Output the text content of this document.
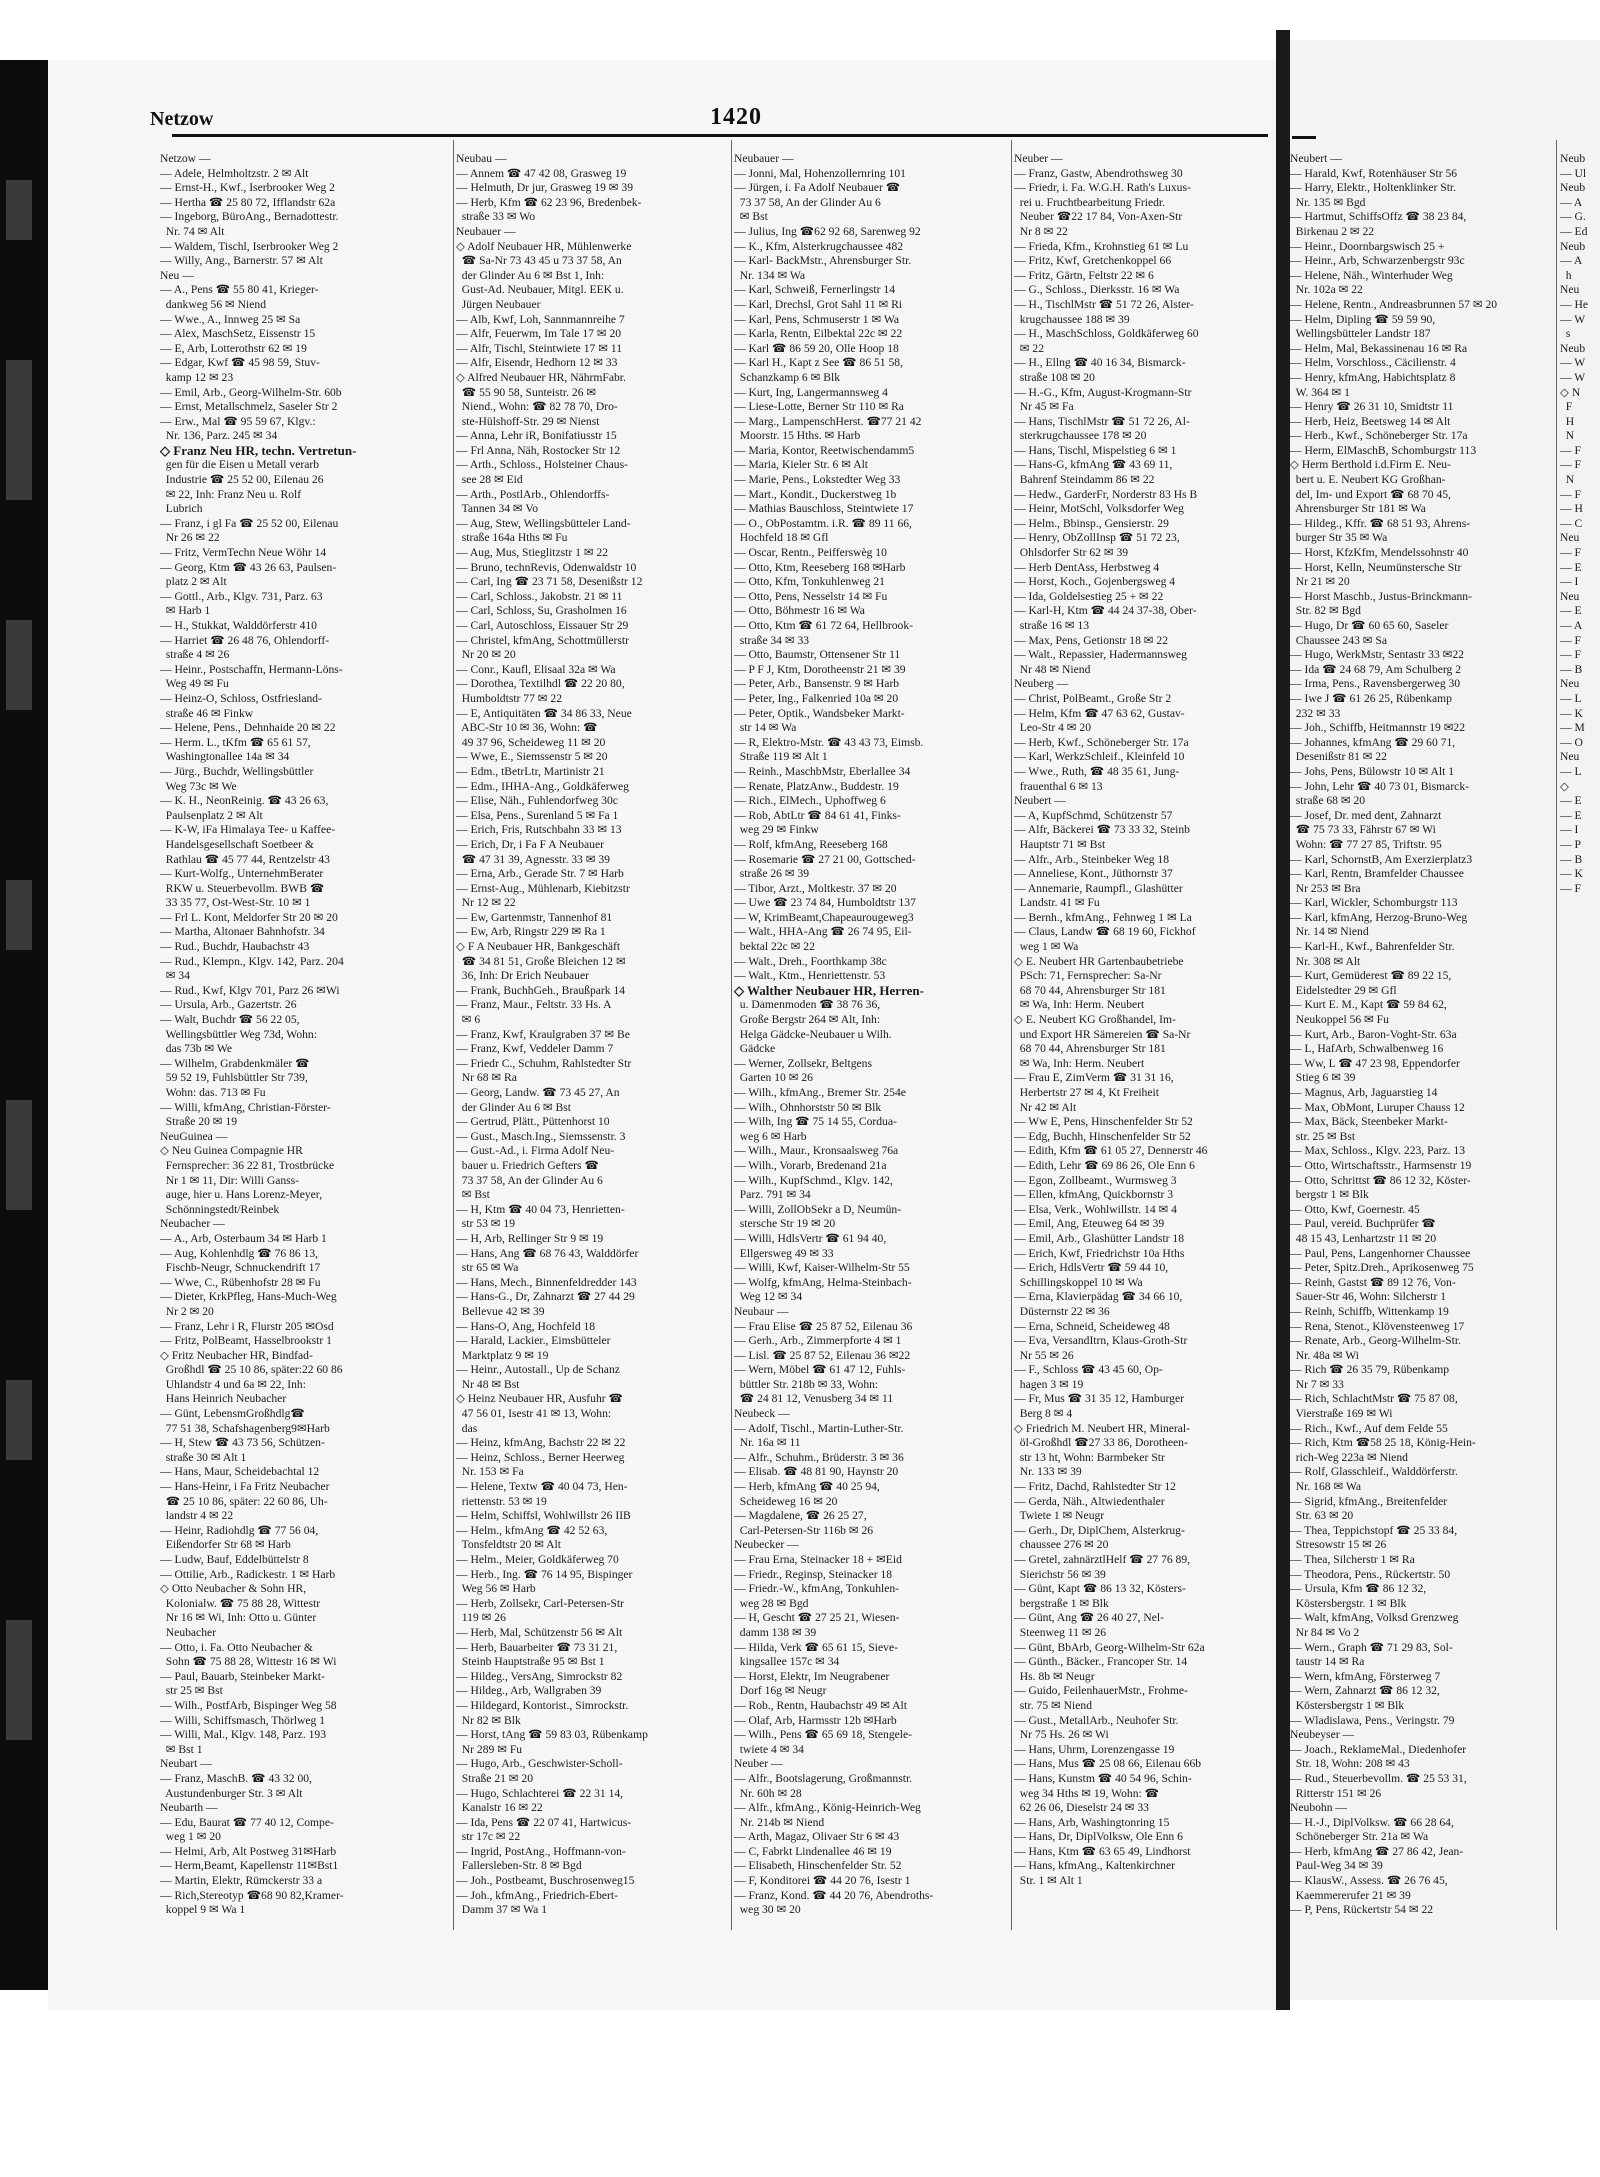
Netzow	1420
Netzow —
— Adele, Helmholtzstr. 2 ✉ Alt
— Ernst-H., Kwf., Iserbrooker Weg 2
— Hertha ☎ 25 80 72, Ifflandstr 62a
— Ingeborg, BüroAng., Bernadottestr.
Nr. 74 ✉ Alt
— Waldem, Tischl, Iserbrooker Weg 2
— Willy, Ang., Barnerstr. 57 ✉ Alt
Neu —
— A., Pens ☎ 55 80 41, Krieger-
dankweg 56 ✉ Niend
— Wwe., A., Innweg 25 ✉ Sa
— Alex, MaschSetz, Eissenstr 15
— E, Arb, Lotterothstr 62 ✉ 19
— Edgar, Kwf ☎ 45 98 59, Stuv-
kamp 12 ✉ 23
— Emil, Arb., Georg-Wilhelm-Str. 60b
— Ernst, Metallschmelz, Saseler Str 2
— Erw., Mal ☎ 95 59 67, Klgv.:
Nr. 136, Parz. 245 ✉ 34
◇ Franz Neu HR, techn. Vertretun-
gen für die Eisen u Metall verarb
Industrie ☎ 25 52 00, Eilenau 26
✉ 22, Inh: Franz Neu u. Rolf
Lubrich
— Franz, i gl Fa ☎ 25 52 00, Eilenau
Nr 26 ✉ 22
— Fritz, VermTechn Neue Wöhr 14
— Georg, Ktm ☎ 43 26 63, Paulsen-
platz 2 ✉ Alt
— Gottl., Arb., Klgv. 731, Parz. 63
✉ Harb 1
— H., Stukkat, Walddörferstr 410
— Harriet ☎ 26 48 76, Ohlendorff-
straße 4 ✉ 26
— Heinr., Postschaffn, Hermann-Löns-
Weg 49 ✉ Fu
— Heinz-O, Schloss, Ostfriesland-
straße 46 ✉ Finkw
— Helene, Pens., Dehnhaide 20 ✉ 22
— Herm. L., tKfm ☎ 65 61 57,
Washingtonallee 14a ✉ 34
— Jürg., Buchdr, Wellingsbüttler
Weg 73c ✉ We
— K. H., NeonReinig. ☎ 43 26 63,
Paulsenplatz 2 ✉ Alt
— K-W, iFa Himalaya Tee- u Kaffee-
Handelsgesellschaft Soetbeer &
Rathlau ☎ 45 77 44, Rentzelstr 43
— Kurt-Wolfg., UnternehmBerater
RKW u. Steuerbevollm. BWB ☎
33 35 77, Ost-West-Str. 10 ✉ 1
— Frl L. Kont, Meldorfer Str 20 ✉ 20
— Martha, Altonaer Bahnhofstr. 34
— Rud., Buchdr, Haubachstr 43
— Rud., Klempn., Klgv. 142, Parz. 204
✉ 34
— Rud., Kwf, Klgv 701, Parz 26 ✉Wi
— Ursula, Arb., Gazertstr. 26
— Walt, Buchdr ☎ 56 22 05,
Wellingsbüttler Weg 73d, Wohn:
das 73b ✉ We
— Wilhelm, Grabdenkmäler ☎
59 52 19, Fuhlsbüttler Str 739,
Wohn: das. 713 ✉ Fu
— Willi, kfmAng, Christian-Förster-
Straße 20 ✉ 19
NeuGuinea —
◇ Neu Guinea Compagnie HR
Fernsprecher: 36 22 81, Trostbrücke
Nr 1 ✉ 11, Dir: Willi Ganss-
auge, hier u. Hans Lorenz-Meyer,
Schönningstedt/Reinbek
Neubacher —
— A., Arb, Osterbaum 34 ✉ Harb 1
— Aug, Kohlenhdlg ☎ 76 86 13,
Fischb-Neugr, Schnuckendrift 17
— Wwe, C., Rübenhofstr 28 ✉ Fu
— Dieter, KrkPfleg, Hans-Much-Weg
Nr 2 ✉ 20
— Franz, Lehr i R, Flurstr 205 ✉Osd
— Fritz, PolBeamt, Hasselbrookstr 1
◇ Fritz Neubacher HR, Bindfad-
Großhdl ☎ 25 10 86, später:22 60 86
Uhlandstr 4 und 6a ✉ 22, Inh:
Hans Heinrich Neubacher
— Günt, LebensmGroßhdlg☎
77 51 38, Schafshagenberg9✉Harb
— H, Stew ☎ 43 73 56, Schützen-
straße 30 ✉ Alt 1
— Hans, Maur, Scheidebachtal 12
— Hans-Heinr, i Fa Fritz Neubacher
☎ 25 10 86, später: 22 60 86, Uh-
landstr 4 ✉ 22
— Heinr, Radiohdlg ☎ 77 56 04,
Eißendorfer Str 68 ✉ Harb
— Ludw, Bauf, Eddelbüttelstr 8
— Ottilie, Arb., Radickestr. 1 ✉ Harb
◇ Otto Neubacher & Sohn HR,
Kolonialw. ☎ 75 88 28, Wittestr
Nr 16 ✉ Wi, Inh: Otto u. Günter
Neubacher
— Otto, i. Fa. Otto Neubacher &
Sohn ☎ 75 88 28, Wittestr 16 ✉ Wi
— Paul, Bauarb, Steinbeker Markt-
str 25 ✉ Bst
— Wilh., PostfArb, Bispinger Weg 58
— Willi, Schiffsmasch, Thörlweg 1
— Willi, Mal., Klgv. 148, Parz. 193
✉ Bst 1
Neubart —
— Franz, MaschB. ☎ 43 32 00,
Austundenburger Str. 3 ✉ Alt
Neubarth —
— Edu, Baurat ☎ 77 40 12, Compe-
weg 1 ✉ 20
— Helmi, Arb, Alt Postweg 31✉Harb
— Herm,Beamt, Kapellenstr 11✉Bst1
— Martin, Elektr, Rümckerstr 33 a
— Rich,Stereotyp ☎68 90 82,Kramer-
koppel 9 ✉ Wa 1
Neubau —
— Annem ☎ 47 42 08, Grasweg 19
— Helmuth, Dr jur, Grasweg 19 ✉ 39
— Herb, Kfm ☎ 62 23 96, Bredenbek-
straße 33 ✉ Wo
Neubauer —
◇ Adolf Neubauer HR, Mühlenwerke
☎ Sa-Nr 73 43 45 u 73 37 58, An
der Glinder Au 6 ✉ Bst 1, Inh:
Gust-Ad. Neubauer, Mitgl. EEK u.
Jürgen Neubauer
— Alb, Kwf, Loh, Sannmannreihe 7
— Alfr, Feuerwm, Im Tale 17 ✉ 20
— Alfr, Tischl, Steintwiete 17 ✉ 11
— Alfr, Eisendr, Hedhorn 12 ✉ 33
◇ Alfred Neubauer HR, NährmFabr.
☎ 55 90 58, Sunteistr. 26 ✉
Niend., Wohn: ☎ 82 78 70, Dro-
ste-Hülshoff-Str. 29 ✉ Nienst
— Anna, Lehr iR, Bonifatiusstr 15
— Frl Anna, Näh, Rostocker Str 12
— Arth., Schloss., Holsteiner Chaus-
see 28 ✉ Eid
— Arth., PostlArb., Ohlendorffs-
Tannen 34 ✉ Vo
— Aug, Stew, Wellingsbütteler Land-
straße 164a Hths ✉ Fu
— Aug, Mus, Stieglitzstr 1 ✉ 22
— Bruno, technRevis, Odenwaldstr 10
— Carl, Ing ☎ 23 71 58, Desenißstr 12
— Carl, Schloss., Jakobstr. 21 ✉ 11
— Carl, Schloss, Su, Grasholmen 16
— Carl, Autoschloss, Eissauer Str 29
— Christel, kfmAng, Schottmüllerstr
Nr 20 ✉ 20
— Conr., Kaufl, Elisaal 32a ✉ Wa
— Dorothea, Textilhdl ☎ 22 20 80,
Humboldtstr 77 ✉ 22
— E, Antiquitäten ☎ 34 86 33, Neue
ABC-Str 10 ✉ 36, Wohn: ☎
49 37 96, Scheideweg 11 ✉ 20
— Wwe, E., Siemssenstr 5 ✉ 20
— Edm., tBetrLtr, Martinistr 21
— Edm., IHHA-Ang., Goldkäferweg
— Elise, Näh., Fuhlendorfweg 30c
— Elsa, Pens., Surenland 5 ✉ Fa 1
— Erich, Fris, Rutschbahn 33 ✉ 13
— Erich, Dr, i Fa F A Neubauer
☎ 47 31 39, Agnesstr. 33 ✉ 39
— Erna, Arb., Gerade Str. 7 ✉ Harb
— Ernst-Aug., Mühlenarb, Kiebitzstr
Nr 12 ✉ 22
— Ew, Gartenmstr, Tannenhof 81
— Ew, Arb, Ringstr 229 ✉ Ra 1
◇ F A Neubauer HR, Bankgeschäft
☎ 34 81 51, Große Bleichen 12 ✉
36, Inh: Dr Erich Neubauer
— Frank, BuchhGeh., Braußpark 14
— Franz, Maur., Feltstr. 33 Hs. A
✉ 6
— Franz, Kwf, Kraulgraben 37 ✉ Be
— Franz, Kwf, Veddeler Damm 7
— Friedr C., Schuhm, Rahlstedter Str
Nr 68 ✉ Ra
— Georg, Landw. ☎ 73 45 27, An
der Glinder Au 6 ✉ Bst
— Gertrud, Plätt., Püttenhorst 10
— Gust., Masch.Ing., Siemssenstr. 3
— Gust.-Ad., i. Firma Adolf Neu-
bauer u. Friedrich Gefters ☎
73 37 58, An der Glinder Au 6
✉ Bst
— H, Ktm ☎ 40 04 73, Henrietten-
str 53 ✉ 19
— H, Arb, Rellinger Str 9 ✉ 19
— Hans, Ang ☎ 68 76 43, Walddörfer
str 65 ✉ Wa
— Hans, Mech., Binnenfeldredder 143
— Hans-G., Dr, Zahnarzt ☎ 27 44 29
Bellevue 42 ✉ 39
— Hans-O, Ang, Hochfeld 18
— Harald, Lackier., Eimsbütteler
Marktplatz 9 ✉ 19
— Heinr., Autostall., Up de Schanz
Nr 48 ✉ Bst
◇ Heinz Neubauer HR, Ausfuhr ☎
47 56 01, Isestr 41 ✉ 13, Wohn:
das
— Heinz, kfmAng, Bachstr 22 ✉ 22
— Heinz, Schloss., Berner Heerweg
Nr. 153 ✉ Fa
— Helene, Textw ☎ 40 04 73, Hen-
riettenstr. 53 ✉ 19
— Helm, Schiffsl, Wohlwillstr 26 IIB
— Helm., kfmAng ☎ 42 52 63,
Tonsfeldtstr 20 ✉ Alt
— Helm., Meier, Goldkäferweg 70
— Herb., Ing. ☎ 76 14 95, Bispinger
Weg 56 ✉ Harb
— Herb, Zollsekr, Carl-Petersen-Str
119 ✉ 26
— Herb, Mal, Schützenstr 56 ✉ Alt
— Herb, Bauarbeiter ☎ 73 31 21,
Steinb Hauptstraße 95 ✉ Bst 1
— Hildeg., VersAng, Simrockstr 82
— Hildeg., Arb, Wallgraben 39
— Hildegard, Kontorist., Simrockstr.
Nr 82 ✉ Blk
— Horst, tAng ☎ 59 83 03, Rübenkamp
Nr 289 ✉ Fu
— Hugo, Arb., Geschwister-Scholl-
Straße 21 ✉ 20
— Hugo, Schlachterei ☎ 22 31 14,
Kanalstr 16 ✉ 22
— Ida, Pens ☎ 22 07 41, Hartwicus-
str 17c ✉ 22
— Ingrid, PostAng., Hoffmann-von-
Fallersleben-Str. 8 ✉ Bgd
— Joh., Postbeamt, Buschrosenweg15
— Joh., kfmAng., Friedrich-Ebert-
Damm 37 ✉ Wa 1
Neubauer —
— Jonni, Mal, Hohenzollernring 101
— Jürgen, i. Fa Adolf Neubauer ☎
73 37 58, An der Glinder Au 6
✉ Bst
— Julius, Ing ☎62 92 68, Sarenweg 92
— K., Kfm, Alsterkrugchaussee 482
— Karl- BackMstr., Ahrensburger Str.
Nr. 134 ✉ Wa
— Karl, Schweiß, Fernerlingstr 14
— Karl, Drechsl, Grot Sahl 11 ✉ Ri
— Karl, Pens, Schmuserstr 1 ✉ Wa
— Karla, Rentn, Eilbektal 22c ✉ 22
— Karl ☎ 86 59 20, Olle Hoop 18
— Karl H., Kapt z See ☎ 86 51 58,
Schanzkamp 6 ✉ Blk
— Kurt, Ing, Langermannsweg 4
— Liese-Lotte, Berner Str 110 ✉ Ra
— Marg., LampenschHerst. ☎77 21 42
Moorstr. 15 Hths. ✉ Harb
— Maria, Kontor, Reetwischendamm5
— Maria, Kieler Str. 6 ✉ Alt
— Marie, Pens., Lokstedter Weg 33
— Mart., Kondit., Duckerstweg 1b
— Mathias Bauschloss, Steintwiete 17
— O., ObPostamtm. i.R. ☎ 89 11 66,
Hochfeld 18 ✉ Gfl
— Oscar, Rentn., Peifferswèg 10
— Otto, Ktm, Reeseberg 168 ✉Harb
— Otto, Kfm, Tonkuhlenweg 21
— Otto, Pens, Nesselstr 14 ✉ Fu
— Otto, Böhmestr 16 ✉ Wa
— Otto, Ktm ☎ 61 72 64, Hellbrook-
straße 34 ✉ 33
— Otto, Baumstr, Ottensener Str 11
— P F J, Ktm, Dorotheenstr 21 ✉ 39
— Peter, Arb., Bansenstr. 9 ✉ Harb
— Peter, Ing., Falkenried 10a ✉ 20
— Peter, Optik., Wandsbeker Markt-
str 14 ✉ Wa
— R, Elektro-Mstr. ☎ 43 43 73, Eimsb.
Straße 119 ✉ Alt 1
— Reinh., MaschbMstr, Eberlallee 34
— Renate, PlatzAnw., Buddestr. 19
— Rich., ElMech., Uphoffweg 6
— Rob, AbtLtr ☎ 84 61 41, Finks-
weg 29 ✉ Finkw
— Rolf, kfmAng, Reeseberg 168
— Rosemarie ☎ 27 21 00, Gottsched-
straße 26 ✉ 39
— Tibor, Arzt., Moltkestr. 37 ✉ 20
— Uwe ☎ 23 74 84, Humboldtstr 137
— W, KrimBeamt,Chapeaurougeweg3
— Walt., HHA-Ang ☎ 26 74 95, Eil-
bektal 22c ✉ 22
— Walt., Dreh., Foorthkamp 38c
— Walt., Ktm., Henriettenstr. 53
◇ Walther Neubauer HR, Herren-
u. Damenmoden ☎ 38 76 36,
Große Bergstr 264 ✉ Alt, Inh:
Helga Gädcke-Neubauer u Wilh.
Gädcke
— Werner, Zollsekr, Beltgens
Garten 10 ✉ 26
— Wilh., kfmAng., Bremer Str. 254e
— Wilh., Ohnhorststr 50 ✉ Blk
— Wilh, Ing ☎ 75 14 55, Cordua-
weg 6 ✉ Harb
— Wilh., Maur., Kronsaalsweg 76a
— Wilh., Vorarb, Bredenand 21a
— Wilh., KupfSchmd., Klgv. 142,
Parz. 791 ✉ 34
— Willi, ZollObSekr a D, Neumün-
stersche Str 19 ✉ 20
— Willi, HdlsVertr ☎ 61 94 40,
Ellgersweg 49 ✉ 33
— Willi, Kwf, Kaiser-Wilhelm-Str 55
— Wolfg, kfmAng, Helma-Steinbach-
Weg 12 ✉ 34
Neubaur —
— Frau Elise ☎ 25 87 52, Eilenau 36
— Gerh., Arb., Zimmerpforte 4 ✉ 1
— Lisl. ☎ 25 87 52, Eilenau 36 ✉22
— Wern, Möbel ☎ 61 47 12, Fuhls-
büttler Str. 218b ✉ 33, Wohn:
☎ 24 81 12, Venusberg 34 ✉ 11
Neubeck —
— Adolf, Tischl., Martin-Luther-Str.
Nr. 16a ✉ 11
— Alfr., Schuhm., Brüderstr. 3 ✉ 36
— Elisab. ☎ 48 81 90, Haynstr 20
— Herb, kfmAng ☎ 40 25 94,
Scheideweg 16 ✉ 20
— Magdalene, ☎ 26 25 27,
Carl-Petersen-Str 116b ✉ 26
Neubecker —
— Frau Erna, Steinacker 18 + ✉Eid
— Friedr., Reginsp, Steinacker 18
— Friedr.-W., kfmAng, Tonkuhlen-
weg 28 ✉ Bgd
— H, Gescht ☎ 27 25 21, Wiesen-
damm 138 ✉ 39
— Hilda, Verk ☎ 65 61 15, Sieve-
kingsallee 157c ✉ 34
— Horst, Elektr, Im Neugrabener
Dorf 16g ✉ Neugr
— Rob., Rentn, Haubachstr 49 ✉ Alt
— Olaf, Arb, Harmsstr 12b ✉Harb
— Wilh., Pens ☎ 65 69 18, Stengele-
twiete 4 ✉ 34
Neuber —
— Alfr., Bootslagerung, Großmannstr.
Nr. 60h ✉ 28
— Alfr., kfmAng., König-Heinrich-Weg
Nr. 214b ✉ Niend
— Arth, Magaz, Olivaer Str 6 ✉ 43
— C, Fabrkt Lindenallee 46 ✉ 19
— Elisabeth, Hinschenfelder Str. 52
— F, Konditorei ☎ 44 20 76, Isestr 1
— Franz, Kond. ☎ 44 20 76, Abendroths-
weg 30 ✉ 20
Neuber —
— Franz, Gastw, Abendrothsweg 30
— Friedr, i. Fa. W.G.H. Rath's Luxus-
rei u. Fruchtbearbeitung Friedr.
Neuber ☎22 17 84, Von-Axen-Str
Nr 8 ✉ 22
— Frieda, Kfm., Krohnstieg 61 ✉ Lu
— Fritz, Kwf, Gretchenkoppel 66
— Fritz, Gärtn, Feltstr 22 ✉ 6
— G., Schloss., Dierksstr. 16 ✉ Wa
— H., TischlMstr ☎ 51 72 26, Alster-
krugchaussee 188 ✉ 39
— H., MaschSchloss, Goldkäferweg 60
✉ 22
— H., Ellng ☎ 40 16 34, Bismarck-
straße 108 ✉ 20
— H.-G., Kfm, August-Krogmann-Str
Nr 45 ✉ Fa
— Hans, TischlMstr ☎ 51 72 26, Al-
sterkrugchaussee 178 ✉ 20
— Hans, Tischl, Mispelstieg 6 ✉ 1
— Hans-G, kfmAng ☎ 43 69 11,
Bahrenf Steindamm 86 ✉ 22
— Hedw., GarderFr, Norderstr 83 Hs B
— Heinr, MotSchl, Volksdorfer Weg
— Helm., Bbinsp., Gensierstr. 29
— Henry, ObZollInsp ☎ 51 72 23,
Ohlsdorfer Str 62 ✉ 39
— Herb DentAss, Herbstweg 4
— Horst, Koch., Gojenbergsweg 4
— Ida, Goldelsestieg 25 + ✉ 22
— Karl-H, Ktm ☎ 44 24 37-38, Ober-
straße 16 ✉ 13
— Max, Pens, Getionstr 18 ✉ 22
— Walt., Repassier, Hadermannsweg
Nr 48 ✉ Niend
Neuberg —
— Christ, PolBeamt., Große Str 2
— Helm, Kfm ☎ 47 63 62, Gustav-
Leo-Str 4 ✉ 20
— Herb, Kwf., Schöneberger Str. 17a
— Karl, WerkzSchleif., Kleinfeld 10
— Wwe., Ruth, ☎ 48 35 61, Jung-
frauenthal 6 ✉ 13
Neubert —
— A, KupfSchmd, Schützenstr 57
— Alfr, Bäckerei ☎ 73 33 32, Steinb
Hauptstr 71 ✉ Bst
— Alfr., Arb., Steinbeker Weg 18
— Anneliese, Kont., Jüthornstr 37
— Annemarie, Raumpfl., Glashütter
Landstr. 41 ✉ Fu
— Bernh., kfmAng., Fehnweg 1 ✉ La
— Claus, Landw ☎ 68 19 60, Fickhof
weg 1 ✉ Wa
◇ E. Neubert HR Gartenbaubetriebe
PSch: 71, Fernsprecher: Sa-Nr
68 70 44, Ahrensburger Str 181
✉ Wa, Inh: Herm. Neubert
◇ E. Neubert KG Großhandel, Im-
und Export HR Sämereien ☎ Sa-Nr
68 70 44, Ahrensburger Str 181
✉ Wa, Inh: Herm. Neubert
— Frau E, ZimVerm ☎ 31 31 16,
Herbertstr 27 ✉ 4, Kt Freiheit
Nr 42 ✉ Alt
— Ww E, Pens, Hinschenfelder Str 52
— Edg, Buchh, Hinschenfelder Str 52
— Edith, Kfm ☎ 61 05 27, Dennerstr 46
— Edith, Lehr ☎ 69 86 26, Ole Enn 6
— Egon, Zollbeamt., Wurmsweg 3
— Ellen, kfmAng, Quickbornstr 3
— Elsa, Verk., Wohlwillstr. 14 ✉ 4
— Emil, Ang, Eteuweg 64 ✉ 39
— Emil, Arb., Glashütter Landstr 18
— Erich, Kwf, Friedrichstr 10a Hths
— Erich, HdlsVertr ☎ 59 44 10,
Schillingskoppel 10 ✉ Wa
— Erna, Klavierpädag ☎ 34 66 10,
Düsternstr 22 ✉ 36
— Erna, Schneid, Scheideweg 48
— Eva, VersandItrn, Klaus-Groth-Str
Nr 55 ✉ 26
— F., Schloss ☎ 43 45 60, Op-
hagen 3 ✉ 19
— Fr, Mus ☎ 31 35 12, Hamburger
Berg 8 ✉ 4
◇ Friedrich M. Neubert HR, Mineral-
öl-Großhdl ☎27 33 86, Dorotheen-
str 13 ht, Wohn: Barmbeker Str
Nr. 133 ✉ 39
— Fritz, Dachd, Rahlstedter Str 12
— Gerda, Näh., Altwiedenthaler
Twiete 1 ✉ Neugr
— Gerh., Dr, DiplChem, Alsterkrug-
chaussee 276 ✉ 20
— Gretel, zahnärztlHelf ☎ 27 76 89,
Sierichstr 56 ✉ 39
— Günt, Kapt ☎ 86 13 32, Kösters-
bergstraße 1 ✉ Blk
— Günt, Ang ☎ 26 40 27, Nel-
Steenweg 11 ✉ 26
— Günt, BbArb, Georg-Wilhelm-Str 62a
— Günth., Bäcker., Francoper Str. 14
Hs. 8b ✉ Neugr
— Guido, FeilenhauerMstr., Frohme-
str. 75 ✉ Niend
— Gust., MetallArb., Neuhofer Str.
Nr 75 Hs. 26 ✉ Wi
— Hans, Uhrm, Lorenzengasse 19
— Hans, Mus ☎ 25 08 66, Eilenau 66b
— Hans, Kunstm ☎ 40 54 96, Schin-
weg 34 Hths ✉ 19, Wohn: ☎
62 26 06, Dieselstr 24 ✉ 33
— Hans, Arb, Washingtonring 15
— Hans, Dr, DiplVolksw, Ole Enn 6
— Hans, Ktm ☎ 63 65 49, Lindhorst
— Hans, kfmAng., Kaltenkirchner
Str. 1 ✉ Alt 1
Neubert —
— Harald, Kwf, Rotenhäuser Str 56
— Harry, Elektr., Holtenklinker Str.
Nr. 135 ✉ Bgd
— Hartmut, SchiffsOffz ☎ 38 23 84,
Birkenau 2 ✉ 22
— Heinr., Doornbargswisch 25 +
— Heinr., Arb, Schwarzenbergstr 93c
— Helene, Näh., Winterhuder Weg
Nr. 102a ✉ 22
— Helene, Rentn., Andreasbrunnen 57 ✉ 20
— Helm, Dipling ☎ 59 59 90,
Wellingsbütteler Landstr 187
— Helm, Mal, Bekassinenau 16 ✉ Ra
— Helm, Vorschloss., Cäcilienstr. 4
— Henry, kfmAng, Habichtsplatz 8
W. 364 ✉ 1
— Henry ☎ 26 31 10, Smidtstr 11
— Herb, Heiz, Beetsweg 14 ✉ Alt
— Herb., Kwf., Schöneberger Str. 17a
— Herm, ElMaschB, Schomburgstr 113
◇ Herm Berthold i.d.Firm E. Neu-
bert u. E. Neubert KG Großhan-
del, Im- und Export ☎ 68 70 45,
Ahrensburger Str 181 ✉ Wa
— Hildeg., Kffr. ☎ 68 51 93, Ahrens-
burger Str 35 ✉ Wa
— Horst, KfzKfm, Mendelssohnstr 40
— Horst, Kelln, Neumünstersche Str
Nr 21 ✉ 20
— Horst Maschb., Justus-Brinckmann-
Str. 82 ✉ Bgd
— Hugo, Dr ☎ 60 65 60, Saseler
Chaussee 243 ✉ Sa
— Hugo, WerkMstr, Sentastr 33 ✉22
— Ida ☎ 24 68 79, Am Schulberg 2
— Irma, Pens., Ravensbergerweg 30
— Iwe J ☎ 61 26 25, Rübenkamp
232 ✉ 33
— Joh., Schiffb, Heitmannstr 19 ✉22
— Johannes, kfmAng ☎ 29 60 71,
Desenißstr 81 ✉ 22
— Johs, Pens, Bülowstr 10 ✉ Alt 1
— John, Lehr ☎ 40 73 01, Bismarck-
straße 68 ✉ 20
— Josef, Dr. med dent, Zahnarzt
☎ 75 73 33, Fährstr 67 ✉ Wi
Wohn: ☎ 77 27 85, Triftstr. 95
— Karl, SchornstB, Am Exerzierplatz3
— Karl, Rentn, Bramfelder Chaussee
Nr 253 ✉ Bra
— Karl, Wickler, Schomburgstr 113
— Karl, kfmAng, Herzog-Bruno-Weg
Nr. 14 ✉ Niend
— Karl-H., Kwf., Bahrenfelder Str.
Nr. 308 ✉ Alt
— Kurt, Gemüderest ☎ 89 22 15,
Eidelstedter 29 ✉ Gfl
— Kurt E. M., Kapt ☎ 59 84 62,
Neukoppel 56 ✉ Fu
— Kurt, Arb., Baron-Voght-Str. 63a
— L, HafArb, Schwalbenweg 16
— Ww, L ☎ 47 23 98, Eppendorfer
Stieg 6 ✉ 39
— Magnus, Arb, Jaguarstieg 14
— Max, ObMont, Luruper Chauss 12
— Max, Bäck, Steenbeker Markt-
str. 25 ✉ Bst
— Max, Schloss., Klgv. 223, Parz. 13
— Otto, Wirtschaftsstr., Harmsenstr 19
— Otto, Schrittst ☎ 86 12 32, Köster-
bergstr 1 ✉ Blk
— Otto, Kwf, Goernestr. 45
— Paul, vereid. Buchprüfer ☎
48 15 43, Lenhartzstr 11 ✉ 20
— Paul, Pens, Langenhorner Chaussee
— Peter, Spitz.Dreh., Aprikosenweg 75
— Reinh, Gastst ☎ 89 12 76, Von-
Sauer-Str 46, Wohn: Silcherstr 1
— Reinh, Schiffb, Wittenkamp 19
— Rena, Stenot., Klövensteenweg 17
— Renate, Arb., Georg-Wilhelm-Str.
Nr. 48a ✉ Wi
— Rich ☎ 26 35 79, Rübenkamp
Nr 7 ✉ 33
— Rich, SchlachtMstr ☎ 75 87 08,
Vierstraße 169 ✉ Wi
— Rich., Kwf., Auf dem Felde 55
— Rich, Ktm ☎58 25 18, König-Hein-
rich-Weg 223a ✉ Niend
— Rolf, Glasschleif., Walddörferstr.
Nr. 168 ✉ Wa
— Sigrid, kfmAng., Breitenfelder
Str. 63 ✉ 20
— Thea, Teppichstopf ☎ 25 33 84,
Stresowstr 15 ✉ 26
— Thea, Silcherstr 1 ✉ Ra
— Theodora, Pens., Rückertstr. 50
— Ursula, Kfm ☎ 86 12 32,
Köstersbergstr. 1 ✉ Blk
— Walt, kfmAng, Volksd Grenzweg
Nr 84 ✉ Vo 2
— Wern., Graph ☎ 71 29 83, Sol-
taustr 14 ✉ Ra
— Wern, kfmAng, Försterweg 7
— Wern, Zahnarzt ☎ 86 12 32,
Köstersbergstr 1 ✉ Blk
— Wladislawa, Pens., Veringstr. 79
Neubeyser —
— Joach., ReklameMal., Diedenhofer
Str. 18, Wohn: 208 ✉ 43
— Rud., Steuerbevollm. ☎ 25 53 31,
Ritterstr 151 ✉ 26
Neubohn —
— H.-J., DiplVolksw. ☎ 66 28 64,
Schöneberger Str. 21a ✉ Wa
— Herb, kfmAng ☎ 27 86 42, Jean-
Paul-Weg 34 ✉ 39
— KlausW., Assess. ☎ 26 76 45,
Kaemmererufer 21 ✉ 39
— P, Pens, Rückertstr 54 ✉ 22
Neub
— Ul
Neub
— A
— G.
— Ed
Neub
— A
h
Neu
— He
— W
s
Neub
— W
— W
◇ N
F
H
N
— F
— F
N
— F
— H
— C
Neu
— F
— E
— I
Neu
— E
— A
— F
— F
— B
Neu
— L
— K
— M
— O
Neu
— L
◇
— E
— E
— I
— P
— B
— K
— F
